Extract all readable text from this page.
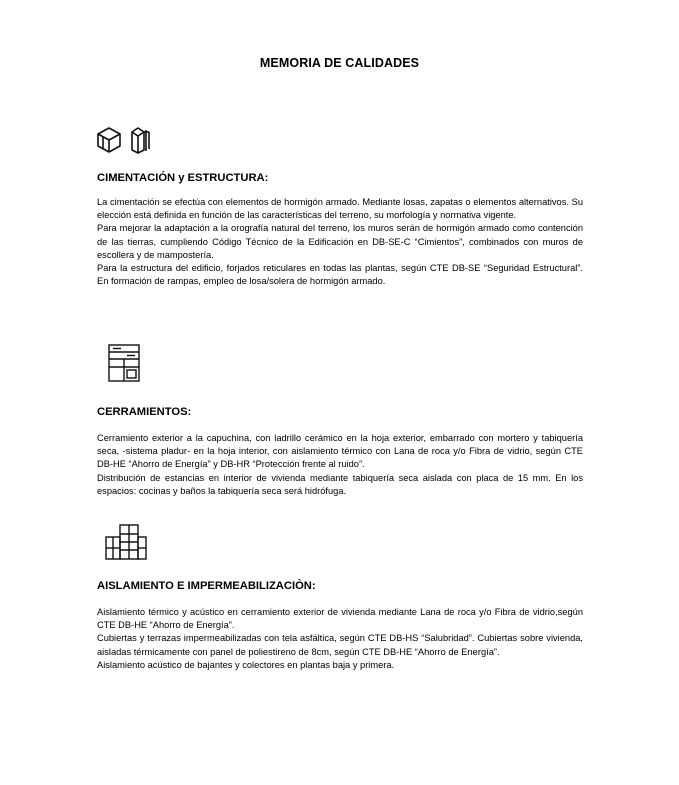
MEMORIA DE CALIDADES
CIMENTACIÓN y ESTRUCTURA:

La cimentación se efectúa con elementos de hormigón armado. Mediante losas, zapatas o elementos alternativos. Su elección está definida en función de las características del terreno, su morfología y normativa vigente.

Para mejorar la adaptación a la orografía natural del terreno, los muros serán de hormigón armado como contención de las tierras, cumpliendo Código Técnico de la Edificación en DB-SE-C “Cimientos”, combinados con muros de escollera y de mampostería.

Para la estructura del edificio, forjados reticulares en todas las plantas, según CTE DB-SE “Seguridad Estructural”. En formación de rampas, empleo de losa/solera de hormigón armado.

CERRAMIENTOS:

Cerramiento exterior a la capuchina, con ladrillo cerámico en la hoja exterior, embarrado con mortero y tabiquería seca, -sistema pladur- en la hoja interior, con aislamiento térmico con Lana de roca y/o Fibra de vidrio, según CTE DB-HE “Ahorro de Energía” y DB-HR “Protección frente al ruido”.

Distribución de estancias en interior de vivienda mediante tabiquería seca aislada con placa de 15 mm. En los espacios: cocinas y baños la tabiquería seca será hidrófuga.

AISLAMIENTO E IMPERMEABILIZACIÒN:

Aislamiento térmico y acústico en cerramiento exterior de vivienda mediante Lana de roca y/o Fibra de vidrio,según CTE DB-HE “Ahorro de Energía”.

Cubiertas y terrazas impermeabilizadas con tela asfáltica, según CTE DB-HS “Salubridad”. Cubiertas sobre vivienda, aisladas térmicamente con panel de poliestireno de 8cm, según CTE DB-HE “Ahorro de Energía”.

Aislamiento acústico de bajantes y colectores en plantas baja y primera.
